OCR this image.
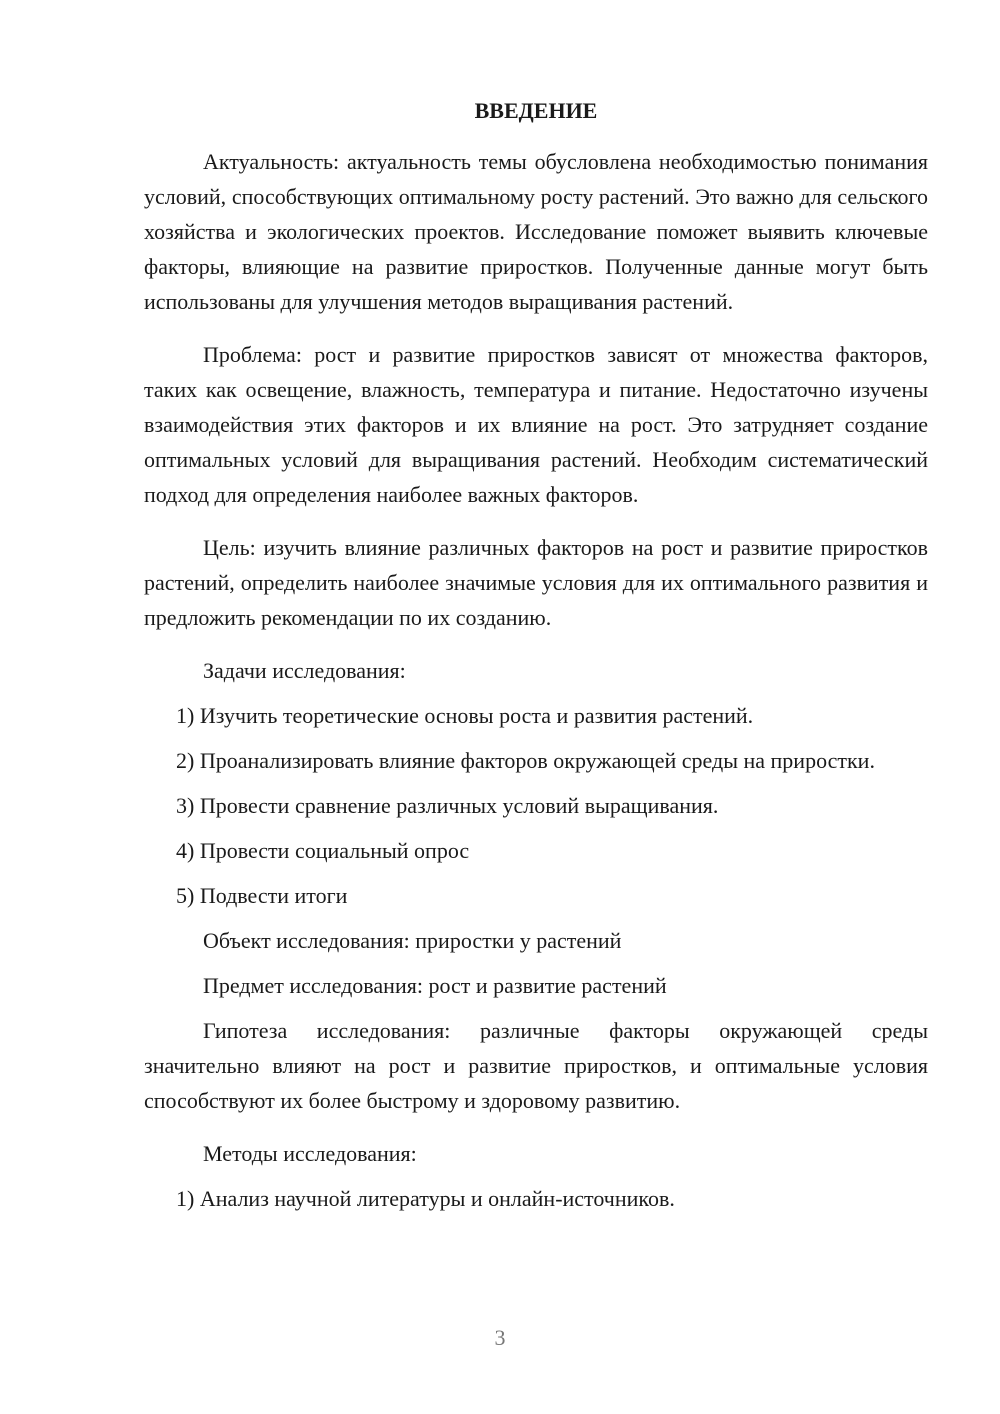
ВВЕДЕНИЕ

Актуальность: актуальность темы обусловлена необходимостью понимания условий, способствующих оптимальному росту растений. Это важно для сельского хозяйства и экологических проектов. Исследование поможет выявить ключевые факторы, влияющие на развитие приростков. Полученные данные могут быть использованы для улучшения методов выращивания растений.

Проблема: рост и развитие приростков зависят от множества факторов, таких как освещение, влажность, температура и питание. Недостаточно изучены взаимодействия этих факторов и их влияние на рост. Это затрудняет создание оптимальных условий для выращивания растений. Необходим систематический подход для определения наиболее важных факторов.

Цель: изучить влияние различных факторов на рост и развитие приростков растений, определить наиболее значимые условия для их оптимального развития и предложить рекомендации по их созданию.

Задачи исследования:

1) Изучить теоретические основы роста и развития растений.

2) Проанализировать влияние факторов окружающей среды на приростки.

3) Провести сравнение различных условий выращивания.

4) Провести социальный опрос

5) Подвести итоги

Объект исследования: приростки у растений

Предмет исследования: рост и развитие растений

Гипотеза исследования: различные факторы окружающей среды значительно влияют на рост и развитие приростков, и оптимальные условия способствуют их более быстрому и здоровому развитию.

Методы исследования:

1) Анализ научной литературы и онлайн-источников.

3
